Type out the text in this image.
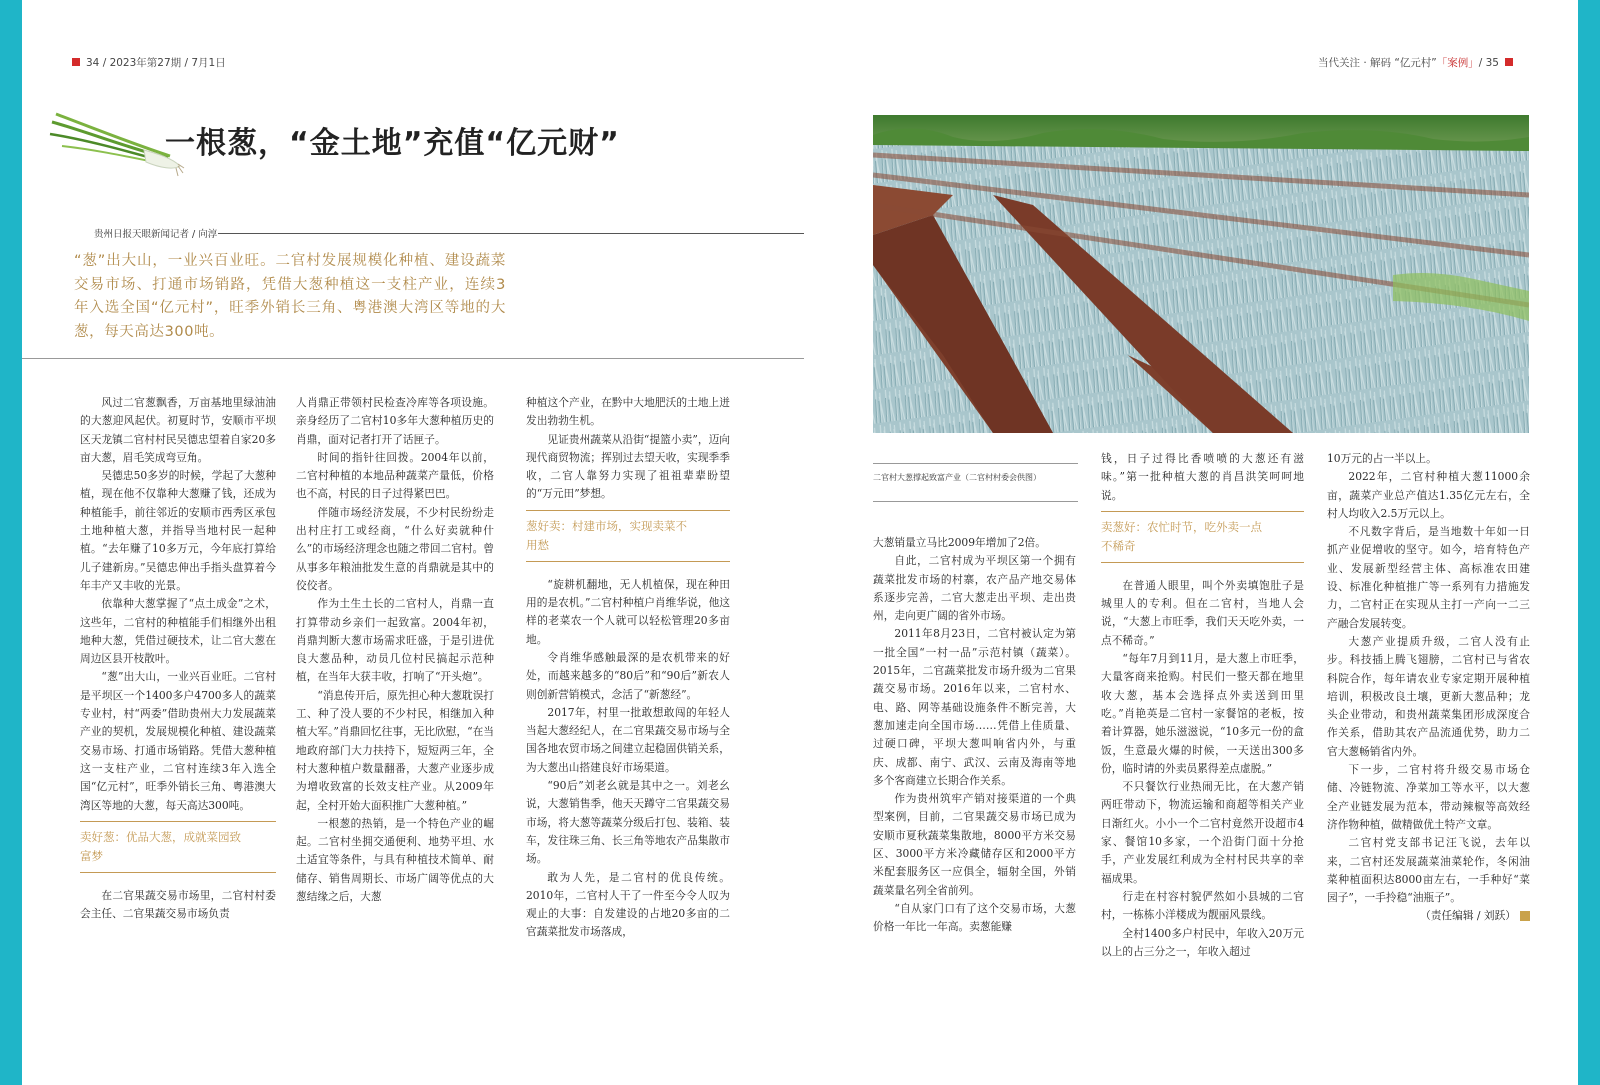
34 / 2023年第27期 / 7月1日	当代关注 · 解码 “亿元村”「案例」/ 35
一根葱，“金土地”充值“亿元财”
贵州日报天眼新闻记者 / 向淳
“葱”出大山，一业兴百业旺。二官村发展规模化种植、建设蔬菜交易市场、打通市场销路，凭借大葱种植这一支柱产业，连续3年入选全国“亿元村”，旺季外销长三角、粤港澳大湾区等地的大葱，每天高达300吨。
二官村大葱撑起致富产业（二官村村委会供图）

风过二官葱飘香，万亩基地里绿油油的大葱迎风起伏。初夏时节，安顺市平坝区天龙镇二官村村民吴德忠望着自家20多亩大葱，眉毛笑成弯豆角。

吴德忠50多岁的时候，学起了大葱种植，现在他不仅靠种大葱赚了钱，还成为种植能手，前往邻近的安顺市西秀区承包土地种植大葱，并指导当地村民一起种植。“去年赚了10多万元，今年底打算给儿子建新房。”吴德忠伸出手指头盘算着今年丰产又丰收的光景。

依靠种大葱掌握了“点土成金”之术，这些年，二官村的种植能手们相继外出租地种大葱，凭借过硬技术，让二官大葱在周边区县开枝散叶。

“葱”出大山，一业兴百业旺。二官村是平坝区一个1400多户4700多人的蔬菜专业村，村“两委”借助贵州大力发展蔬菜产业的契机，发展规模化种植、建设蔬菜交易市场、打通市场销路。凭借大葱种植这一支柱产业，二官村连续3年入选全国“亿元村”，旺季外销长三角、粤港澳大湾区等地的大葱，每天高达300吨。

卖好葱：优品大葱，成就菜园致
富梦

在二官果蔬交易市场里，二官村村委会主任、二官果蔬交易市场负责

人肖鼎正带领村民检查冷库等各项设施。亲身经历了二官村10多年大葱种植历史的肖鼎，面对记者打开了话匣子。

时间的指针往回拨。2004年以前，二官村种植的本地品种蔬菜产量低，价格也不高，村民的日子过得紧巴巴。

伴随市场经济发展，不少村民纷纷走出村庄打工或经商，“什么好卖就种什么”的市场经济理念也随之带回二官村。曾从事多年粮油批发生意的肖鼎就是其中的佼佼者。

作为土生土长的二官村人，肖鼎一直打算带动乡亲们一起致富。2004年初，肖鼎判断大葱市场需求旺盛，于是引进优良大葱品种，动员几位村民搞起示范种植，在当年大获丰收，打响了“开头炮”。

“消息传开后，原先担心种大葱耽误打工、种了没人要的不少村民，相继加入种植大军。”肖鼎回忆往事，无比欣慰，“在当地政府部门大力扶持下，短短两三年，全村大葱种植户数量翻番，大葱产业逐步成为增收致富的长效支柱产业。从2009年起，全村开始大面积推广大葱种植。”

一根葱的热销，是一个特色产业的崛起。二官村坐拥交通便利、地势平坦、水土适宜等条件，与具有种植技术简单、耐储存、销售周期长、市场广阔等优点的大葱结缘之后，大葱

种植这个产业，在黔中大地肥沃的土地上迸发出勃勃生机。

见证贵州蔬菜从沿街“提篮小卖”，迈向现代商贸物流；挥别过去望天收，实现季季收，二官人靠努力实现了祖祖辈辈盼望的“万元田”梦想。

葱好卖：村建市场，实现卖菜不
用愁

“旋耕机翻地，无人机植保，现在种田用的是农机。”二官村种植户肖维华说，他这样的老菜农一个人就可以轻松管理20多亩地。

令肖维华感触最深的是农机带来的好处，而越来越多的“80后”和“90后”新农人则创新营销模式，念活了“新葱经”。

2017年，村里一批敢想敢闯的年轻人当起大葱经纪人，在二官果蔬交易市场与全国各地农贸市场之间建立起稳固供销关系，为大葱出山搭建良好市场渠道。

“90后”刘老幺就是其中之一。刘老幺说，大葱销售季，他天天蹲守二官果蔬交易市场，将大葱等蔬菜分级后打包、装箱、装车，发往珠三角、长三角等地农产品集散市场。

敢为人先，是二官村的优良传统。2010年，二官村人干了一件至今令人叹为观止的大事：自发建设的占地20多亩的二官蔬菜批发市场落成，

大葱销量立马比2009年增加了2倍。

自此，二官村成为平坝区第一个拥有蔬菜批发市场的村寨，农产品产地交易体系逐步完善，二官大葱走出平坝、走出贵州，走向更广阔的省外市场。

2011年8月23日，二官村被认定为第一批全国“一村一品”示范村镇（蔬菜）。2015年，二官蔬菜批发市场升级为二官果蔬交易市场。2016年以来，二官村水、电、路、网等基础设施条件不断完善，大葱加速走向全国市场……凭借上佳质量、过硬口碑，平坝大葱叫响省内外，与重庆、成都、南宁、武汉、云南及海南等地多个客商建立长期合作关系。

作为贵州筑牢产销对接渠道的一个典型案例，目前，二官果蔬交易市场已成为安顺市夏秋蔬菜集散地，8000平方米交易区、3000平方米冷藏储存区和2000平方米配套服务区一应俱全，辐射全国，外销蔬菜量名列全省前列。

“自从家门口有了这个交易市场，大葱价格一年比一年高。卖葱能赚

钱，日子过得比香喷喷的大葱还有滋味。”第一批种植大葱的肖昌洪笑呵呵地说。

卖葱好：农忙时节，吃外卖一点
不稀奇

在普通人眼里，叫个外卖填饱肚子是城里人的专利。但在二官村，当地人会说，“大葱上市旺季，我们天天吃外卖，一点不稀奇。”

“每年7月到11月，是大葱上市旺季，大量客商来抢购。村民们一整天都在地里收大葱，基本会选择点外卖送到田里吃。”肖艳英是二官村一家餐馆的老板，按着计算器，她乐滋滋说，“10多元一份的盒饭，生意最火爆的时候，一天送出300多份，临时请的外卖员累得差点虚脱。”

不只餐饮行业热闹无比，在大葱产销两旺带动下，物流运输和商超等相关产业日渐红火。小小一个二官村竟然开设超市4家、餐馆10多家，一个沿街门面十分抢手，产业发展红利成为全村村民共享的幸福成果。

行走在村容村貌俨然如小县城的二官村，一栋栋小洋楼成为靓丽风景线。

全村1400多户村民中，年收入20万元以上的占三分之一，年收入超过

10万元的占一半以上。

2022年，二官村种植大葱11000余亩，蔬菜产业总产值达1.35亿元左右，全村人均收入2.5万元以上。

不凡数字背后，是当地数十年如一日抓产业促增收的坚守。如今，培育特色产业、发展新型经营主体、高标准农田建设、标准化种植推广等一系列有力措施发力，二官村正在实现从主打一产向一二三产融合发展转变。

大葱产业提质升级，二官人没有止步。科技插上腾飞翅膀，二官村已与省农科院合作，每年请农业专家定期开展种植培训，积极改良土壤，更新大葱品种；龙头企业带动，和贵州蔬菜集团形成深度合作关系，借助其农产品流通优势，助力二官大葱畅销省内外。

下一步，二官村将升级交易市场仓储、冷链物流、净菜加工等水平，以大葱全产业链发展为范本，带动辣椒等高效经济作物种植，做精做优土特产文章。

二官村党支部书记汪飞说，去年以来，二官村还发展蔬菜油菜轮作，冬闲油菜种植面积达8000亩左右，一手种好“菜园子”，一手拎稳“油瓶子”。

（责任编辑 / 刘跃）
